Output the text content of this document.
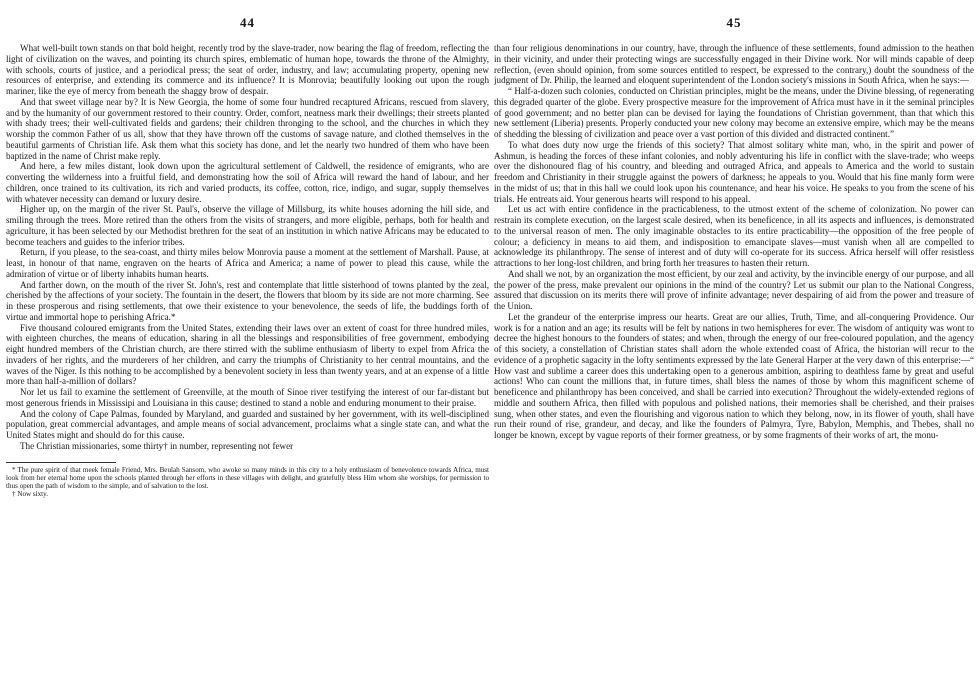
44

What well-built town stands on that bold height, recently trod by the slave-trader, now bearing the flag of freedom, reflecting the light of civilization on the waves, and pointing its church spires, emblematic of human hope, towards the throne of the Almighty, with schools, courts of justice, and a periodical press; the seat of order, industry, and law; accumulating property, opening new resources of enterprise, and extending its commerce and its influence? It is Monrovia; beautifully looking out upon the rough mariner, like the eye of mercy from beneath the shaggy brow of despair.

And that sweet village near by? It is New Georgia, the home of some four hundred recaptured Africans, rescued from slavery, and by the humanity of our government restored to their country. Order, comfort, neatness mark their dwellings; their streets planted with shady trees; their well-cultivated fields and gardens; their children thronging to the school, and the churches in which they worship the common Father of us all, show that they have thrown off the customs of savage nature, and clothed themselves in the beautiful garments of Christian life. Ask them what this society has done, and let the nearly two hundred of them who have been baptized in the name of Christ make reply.

And here, a few miles distant, look down upon the agricultural settlement of Caldwell, the residence of emigrants, who are converting the wilderness into a fruitful field, and demonstrating how the soil of Africa will reward the hand of labour, and her children, once trained to its cultivation, its rich and varied products, its coffee, cotton, rice, indigo, and sugar, supply themselves with whatever necessity can demand or luxury desire.

Higher up, on the margin of the river St. Paul's, observe the village of Millsburg, its white houses adorning the hill side, and smiling through the trees. More retired than the others from the visits of strangers, and more eligible, perhaps, both for health and agriculture, it has been selected by our Methodist brethren for the seat of an institution in which native Africans may be educated to become teachers and guides to the inferior tribes.

Return, if you please, to the sea-coast, and thirty miles below Monrovia pause a moment at the settlement of Marshall. Pause, at least, in honour of that name, engraven on the hearts of Africa and America; a name of power to plead this cause, while the admiration of virtue or of liberty inhabits human hearts.

And farther down, on the mouth of the river St. John's, rest and contemplate that little sisterhood of towns planted by the zeal, cherished by the affections of your society. The fountain in the desert, the flowers that bloom by its side are not more charming. See in these prosperous and rising settlements, that owe their existence to your benevolence, the seeds of life, the buddings forth of virtue and immortal hope to perishing Africa.*

Five thousand coloured emigrants from the United States, extending their laws over an extent of coast for three hundred miles, with eighteen churches, the means of education, sharing in all the blessings and responsibilities of free government, embodying eight hundred members of the Christian church, are there stirred with the sublime enthusiasm of liberty to expel from Africa the invaders of her rights, and the murderers of her children, and carry the triumphs of Christianity to her central mountains, and the waves of the Niger. Is this nothing to be accomplished by a benevolent society in less than twenty years, and at an expense of a little more than half-a-million of dollars?

Nor let us fail to examine the settlement of Greenville, at the mouth of Sinoe river testifying the interest of our far-distant but most generous friends in Mississipi and Louisiana in this cause; destined to stand a noble and enduring monument to their praise.

And the colony of Cape Palmas, founded by Maryland, and guarded and sustained by her government, with its well-disciplined population, great commercial advantages, and ample means of social advancement, proclaims what a single state can, and what the United States might and should do for this cause.

The Christian missionaries, some thirty† in number, representing not fewer

* The pure spirit of that meek female Friend, Mrs. Beulah Sansom, who awoke so many minds in this city to a holy enthusiasm of benevolence towards Africa, must look from her eternal home upon the schools planted through her efforts in these villages with delight, and gratefully bless Him whom she worships, for permission to thus open the path of wisdom to the simple, and of salvation to the lost.

† Now sixty.

45

than four religious denominations in our country, have, through the influence of these settlements, found admission to the heathen in their vicinity, and under their protecting wings are successfully engaged in their Divine work. Nor will minds capable of deep reflection, (even should opinion, from some sources entitled to respect, be expressed to the contrary,) doubt the soundness of the judgment of Dr. Philip, the learned and eloquent superintendent of the London society's missions in South Africa, when he says:—

“ Half-a-dozen such colonies, conducted on Christian principles, might be the means, under the Divine blessing, of regenerating this degraded quarter of the globe. Every prospective measure for the improvement of Africa must have in it the seminal principles of good government; and no better plan can be devised for laying the foundations of Christian government, than that which this new settlement (Liberia) presents. Properly conducted your new colony may become an extensive empire, which may be the means of shedding the blessing of civilization and peace over a vast portion of this divided and distracted continent.”

To what does duty now urge the friends of this society? That almost solitary white man, who, in the spirit and power of Ashmun, is heading the forces of these infant colonies, and nobly adventuring his life in conflict with the slave-trade; who weeps over the dishonoured flag of his country, and bleeding and outraged Africa, and appeals to America and the world to sustain freedom and Christianity in their struggle against the powers of darkness; he appeals to you. Would that his fine manly form were in the midst of us; that in this hall we could look upon his countenance, and hear his voice. He speaks to you from the scene of his trials. He entreats aid. Your generous hearts will respond to his appeal.

Let us act with entire confidence in the practicableness, to the utmost extent of the scheme of colonization. No power can restrain its complete execution, on the largest scale desired, when its beneficence, in all its aspects and influences, is demonstrated to the universal reason of men. The only imaginable obstacles to its entire practicability—the opposition of the free people of colour; a deficiency in means to aid them, and indisposition to emancipate slaves—must vanish when all are compelled to acknowledge its philanthropy. The sense of interest and of duty will co-operate for its success. Africa herself will offer resistless attractions to her long-lost children, and bring forth her treasures to hasten their return.

And shall we not, by an organization the most efficient, by our zeal and activity, by the invincible energy of our purpose, and all the power of the press, make prevalent our opinions in the mind of the country? Let us submit our plan to the National Congress, assured that discussion on its merits there will prove of infinite advantage; never despairing of aid from the power and treasure of the Union.

Let the grandeur of the enterprise impress our hearts. Great are our allies, Truth, Time, and all-conquering Providence. Our work is for a nation and an age; its results will be felt by nations in two hemispheres for ever. The wisdom of antiquity was wont to decree the highest honours to the founders of states; and when, through the energy of our free-coloured population, and the agency of this society, a constellation of Christian states shall adorn the whole extended coast of Africa, the historian will recur to the evidence of a prophetic sagacity in the lofty sentiments expressed by the late General Harper at the very dawn of this enterprise:—“ How vast and sublime a career does this undertaking open to a generous ambition, aspiring to deathless fame by great and useful actions! Who can count the millions that, in future times, shall bless the names of those by whom this magnificent scheme of beneficence and philanthropy has been conceived, and shall be carried into execution? Throughout the widely-extended regions of middle and southern Africa, then filled with populous and polished nations, their memories shall be cherished, and their praises sung, when other states, and even the flourishing and vigorous nation to which they belong, now, in its flower of youth, shall have run their round of rise, grandeur, and decay, and like the founders of Palmyra, Tyre, Babylon, Memphis, and Thebes, shall no longer be known, except by vague reports of their former greatness, or by some fragments of their works of art, the monu-
